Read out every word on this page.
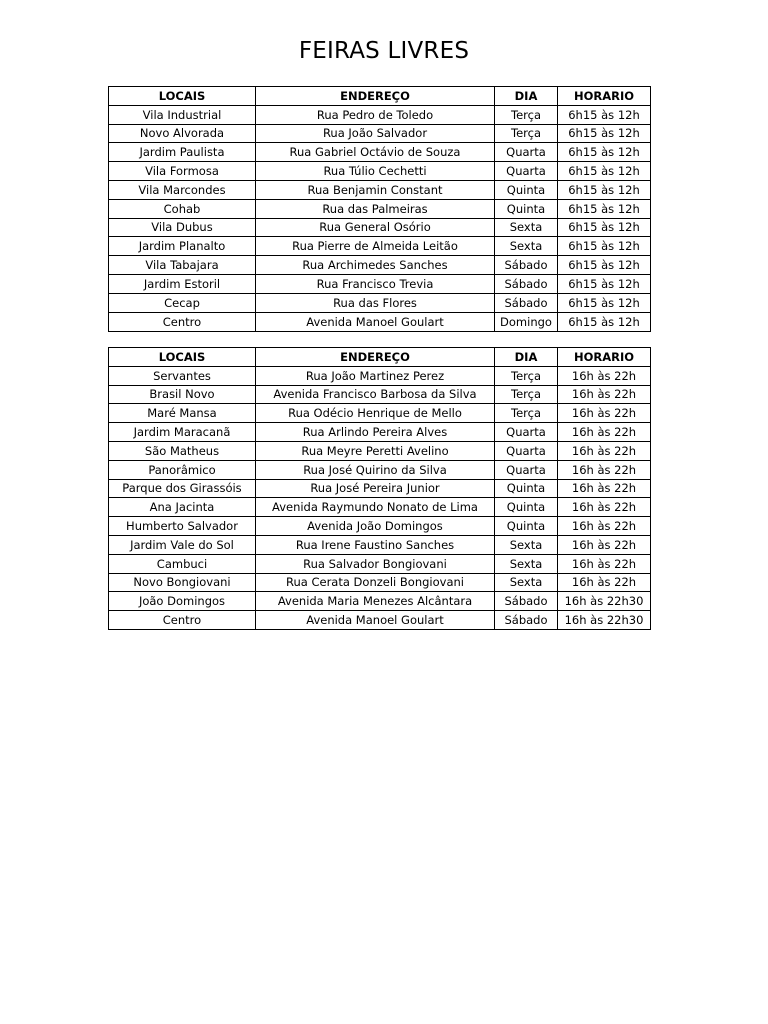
FEIRAS LIVRES
LOCAIS	ENDEREÇO	DIA	HORARIO
Vila Industrial	Rua Pedro de Toledo	Terça	6h15 às 12h
Novo Alvorada	Rua João Salvador	Terça	6h15 às 12h
Jardim Paulista	Rua Gabriel Octávio de Souza	Quarta	6h15 às 12h
Vila Formosa	Rua Túlio Cechetti	Quarta	6h15 às 12h
Vila Marcondes	Rua Benjamin Constant	Quinta	6h15 às 12h
Cohab	Rua das Palmeiras	Quinta	6h15 às 12h
Vila Dubus	Rua General Osório	Sexta	6h15 às 12h
Jardim Planalto	Rua Pierre de Almeida Leitão	Sexta	6h15 às 12h
Vila Tabajara	Rua Archimedes Sanches	Sábado	6h15 às 12h
Jardim Estoril	Rua Francisco Trevia	Sábado	6h15 às 12h
Cecap	Rua das Flores	Sábado	6h15 às 12h
Centro	Avenida Manoel Goulart	Domingo	6h15 às 12h
LOCAIS	ENDEREÇO	DIA	HORARIO
Servantes	Rua João Martinez Perez	Terça	16h às 22h
Brasil Novo	Avenida Francisco Barbosa da Silva	Terça	16h às 22h
Maré Mansa	Rua Odécio Henrique de Mello	Terça	16h às 22h
Jardim Maracanã	Rua Arlindo Pereira Alves	Quarta	16h às 22h
São Matheus	Rua Meyre Peretti Avelino	Quarta	16h às 22h
Panorâmico	Rua José Quirino da Silva	Quarta	16h às 22h
Parque dos Girassóis	Rua José Pereira Junior	Quinta	16h às 22h
Ana Jacinta	Avenida Raymundo Nonato de Lima	Quinta	16h às 22h
Humberto Salvador	Avenida João Domingos	Quinta	16h às 22h
Jardim Vale do Sol	Rua Irene Faustino Sanches	Sexta	16h às 22h
Cambuci	Rua Salvador Bongiovani	Sexta	16h às 22h
Novo Bongiovani	Rua Cerata Donzeli Bongiovani	Sexta	16h às 22h
João Domingos	Avenida Maria Menezes Alcântara	Sábado	16h às 22h30
Centro	Avenida Manoel Goulart	Sábado	16h às 22h30
